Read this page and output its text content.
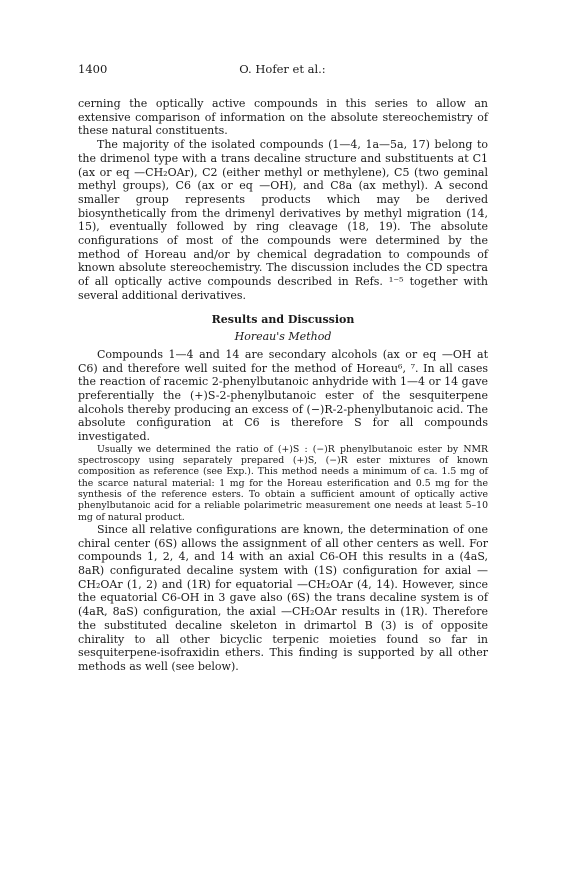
1400	O. Hofer et al.:

cerning the optically active compounds in this series to allow an extensive comparison of information on the absolute stereochemistry of these natural constituents.

The majority of the isolated compounds (1—4, 1a—5a, 17) belong to the drimenol type with a trans decaline structure and substituents at C1 (ax or eq —CH₂OAr), C2 (either methyl or methylene), C5 (two geminal methyl groups), C6 (ax or eq —OH), and C8a (ax methyl). A second smaller group represents products which may be derived biosynthetically from the drimenyl derivatives by methyl migration (14, 15), eventually followed by ring cleavage (18, 19). The absolute configurations of most of the compounds were determined by the method of Horeau and/or by chemical degradation to compounds of known absolute stereochemistry. The discussion includes the CD spectra of all optically active compounds described in Refs. ¹⁻⁵ together with several additional derivatives.

Results and Discussion
Horeau's Method

Compounds 1—4 and 14 are secondary alcohols (ax or eq —OH at C6) and therefore well suited for the method of Horeau⁶, ⁷. In all cases the reaction of racemic 2-phenylbutanoic anhydride with 1—4 or 14 gave preferentially the (+)S-2-phenylbutanoic ester of the sesquiterpene alcohols thereby producing an excess of (−)R-2-phenylbutanoic acid. The absolute configuration at C6 is therefore S for all compounds investigated.

Usually we determined the ratio of (+)S : (−)R phenylbutanoic ester by NMR spectroscopy using separately prepared (+)S, (−)R ester mixtures of known composition as reference (see Exp.). This method needs a minimum of ca. 1.5 mg of the scarce natural material: 1 mg for the Horeau esterification and 0.5 mg for the synthesis of the reference esters. To obtain a sufficient amount of optically active phenylbutanoic acid for a reliable polarimetric measurement one needs at least 5–10 mg of natural product.

Since all relative configurations are known, the determination of one chiral center (6S) allows the assignment of all other centers as well. For compounds 1, 2, 4, and 14 with an axial C6-OH this results in a (4aS, 8aR) configurated decaline system with (1S) configuration for axial —CH₂OAr (1, 2) and (1R) for equatorial —CH₂OAr (4, 14). However, since the equatorial C6-OH in 3 gave also (6S) the trans decaline system is of (4aR, 8aS) configuration, the axial —CH₂OAr results in (1R). Therefore the substituted decaline skeleton in drimartol B (3) is of opposite chirality to all other bicyclic terpenic moieties found so far in sesquiterpene-isofraxidin ethers. This finding is supported by all other methods as well (see below).
